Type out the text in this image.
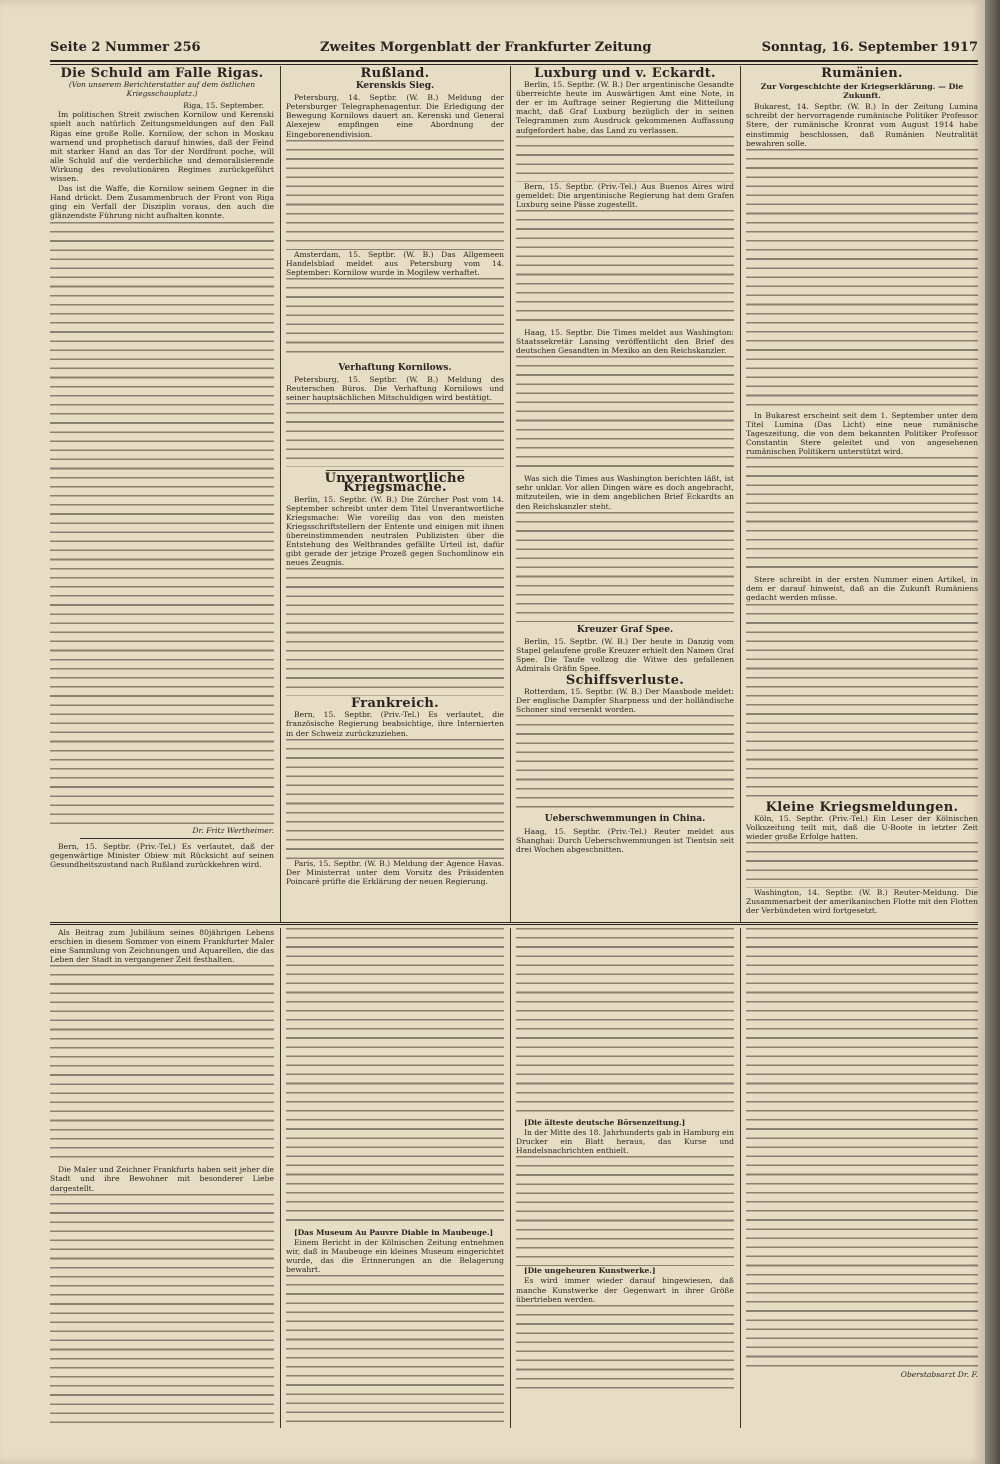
Seite 2 Nummer 256	Zweites Morgenblatt der Frankfurter Zeitung	Sonntag, 16. September 1917
Die Schuld am Falle Rigas.
(Von unserem Berichterstatter auf dem östlichen Kriegsschauplatz.)
Riga, 15. September.

Im politischen Streit zwischen Kornilow und Kerenski spielt auch natürlich Zeitungsmeldungen auf den Fall Rigas eine große Rolle. Kornilow, der schon in Moskau warnend und prophetisch darauf hinwies, daß der Feind mit starker Hand an das Tor der Nordfront poche, will alle Schuld auf die verderbliche und demoralisierende Wirkung des revolutionären Regimes zurückgeführt wissen.

Das ist die Waffe, die Kornilow seinem Gegner in die Hand drückt. Dem Zusammenbruch der Front von Riga ging ein Verfall der Disziplin voraus, den auch die glänzendste Führung nicht aufhalten konnte.

Dr. Fritz Wertheimer.

Bern, 15. Septbr. (Priv.-Tel.) Es verlautet, daß der gegenwärtige Minister Obiew mit Rücksicht auf seinen Gesundheitszustand nach Rußland zurückkehren wird.

Rußland.
Kerenskis Sieg.

Petersburg, 14. Septbr. (W. B.) Meldung der Petersburger Telegraphenagentur. Die Erledigung der Bewegung Kornilows dauert an. Kerenski und General Alexejew empfingen eine Abordnung der Eingeborenendivision.

Amsterdam, 15. Septbr. (W. B.) Das Allgemeen Handelsblad meldet aus Petersburg vom 14. September: Kornilow wurde in Mogilew verhaftet.

Verhaftung Kornilows.

Petersburg, 15. Septbr. (W. B.) Meldung des Reuterschen Büros. Die Verhaftung Kornilows und seiner hauptsächlichen Mitschuldigen wird bestätigt.

Unverantwortliche Kriegsmache.

Berlin, 15. Septbr. (W. B.) Die Zürcher Post vom 14. September schreibt unter dem Titel Unverantwortliche Kriegsmache: Wie voreilig das von den meisten Kriegsschriftstellern der Entente und einigen mit ihnen übereinstimmenden neutralen Publizisten über die Entstehung des Weltbrandes gefällte Urteil ist, dafür gibt gerade der jetzige Prozeß gegen Suchomlinow ein neues Zeugnis.

Frankreich.

Bern, 15. Septbr. (Priv.-Tel.) Es verlautet, die französische Regierung beabsichtige, ihre Internierten in der Schweiz zurückzuziehen.

Paris, 15. Septbr. (W. B.) Meldung der Agence Havas. Der Ministerrat unter dem Vorsitz des Präsidenten Poincaré prüfte die Erklärung der neuen Regierung.

Luxburg und v. Eckardt.

Berlin, 15. Septbr. (W. B.) Der argentinische Gesandte überreichte heute im Auswärtigen Amt eine Note, in der er im Auftrage seiner Regierung die Mitteilung macht, daß Graf Luxburg bezüglich der in seinen Telegrammen zum Ausdruck gekommenen Auffassung aufgefordert habe, das Land zu verlassen.

Bern, 15. Septbr. (Priv.-Tel.) Aus Buenos Aires wird gemeldet: Die argentinische Regierung hat dem Grafen Luxburg seine Pässe zugestellt.

Haag, 15. Septbr. Die Times meldet aus Washington: Staatssekretär Lansing veröffentlicht den Brief des deutschen Gesandten in Mexiko an den Reichskanzler.

Was sich die Times aus Washington berichten läßt, ist sehr unklar. Vor allen Dingen wäre es doch angebracht, mitzuteilen, wie in dem angeblichen Brief Eckardts an den Reichskanzler steht.

Kreuzer Graf Spee.

Berlin, 15. Septbr. (W. B.) Der heute in Danzig vom Stapel gelaufene große Kreuzer erhielt den Namen Graf Spee. Die Taufe vollzog die Witwe des gefallenen Admirals Gräfin Spee.

Schiffsverluste.

Rotterdam, 15. Septbr. (W. B.) Der Maasbode meldet: Der englische Dampfer Sharpness und der holländische Schoner sind versenkt worden.

Ueberschwemmungen in China.

Haag, 15. Septbr. (Priv.-Tel.) Reuter meldet aus Shanghai: Durch Ueberschwemmungen ist Tientsin seit drei Wochen abgeschnitten.

Rumänien.
Zur Vorgeschichte der Kriegserklärung. — Die Zukunft.

Bukarest, 14. Septbr. (W. B.) In der Zeitung Lumina schreibt der hervorragende rumänische Politiker Professor Stere, der rumänische Kronrat vom August 1914 habe einstimmig beschlossen, daß Rumänien Neutralität bewahren solle.

In Bukarest erscheint seit dem 1. September unter dem Titel Lumina (Das Licht) eine neue rumänische Tageszeitung, die von dem bekannten Politiker Professor Constantin Stere geleitet und von angesehenen rumänischen Politikern unterstützt wird.

Stere schreibt in der ersten Nummer einen Artikel, in dem er darauf hinweist, daß an die Zukunft Rumäniens gedacht werden müsse.

Kleine Kriegsmeldungen.

Köln, 15. Septbr. (Priv.-Tel.) Ein Leser der Kölnischen Volkszeitung teilt mit, daß die U-Boote in letzter Zeit wieder große Erfolge hatten.

Washington, 14. Septbr. (W. B.) Reuter-Meldung. Die Zusammenarbeit der amerikanischen Flotte mit den Flotten der Verbündeten wird fortgesetzt.

Als Beitrag zum Jubiläum seines 80jährigen Lebens erschien in diesem Sommer von einem Frankfurter Maler eine Sammlung von Zeichnungen und Aquarellen, die das Leben der Stadt in vergangener Zeit festhalten.

Die Maler und Zeichner Frankfurts haben seit jeher die Stadt und ihre Bewohner mit besonderer Liebe dargestellt.

[Das Museum Au Pauvre Diable in Maubeuge.]

Einem Bericht in der Kölnischen Zeitung entnehmen wir, daß in Maubeuge ein kleines Museum eingerichtet wurde, das die Erinnerungen an die Belagerung bewahrt.

[Die älteste deutsche Börsenzeitung.]

In der Mitte des 18. Jahrhunderts gab in Hamburg ein Drucker ein Blatt heraus, das Kurse und Handelsnachrichten enthielt.

[Die ungeheuren Kunstwerke.]

Es wird immer wieder darauf hingewiesen, daß manche Kunstwerke der Gegenwart in ihrer Größe übertrieben werden.

Oberstabsarzt Dr. F.
